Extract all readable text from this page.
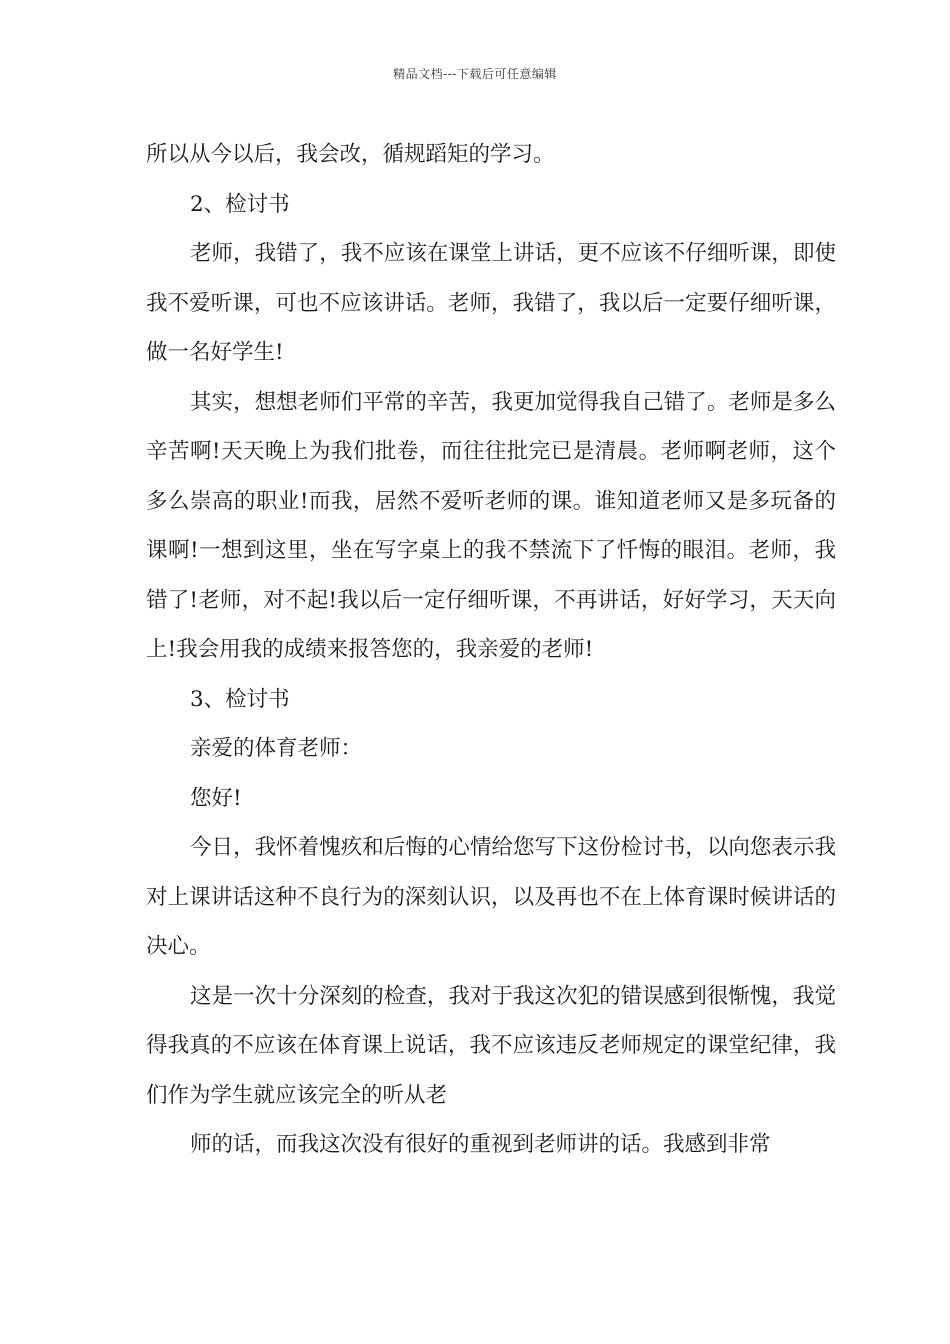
精品文档---下载后可任意编辑

所以从今以后，我会改，循规蹈矩的学习。

2、检讨书

老师，我错了，我不应该在课堂上讲话，更不应该不仔细听课，即使我不爱听课，可也不应该讲话。老师，我错了，我以后一定要仔细听课，做一名好学生!

其实，想想老师们平常的辛苦，我更加觉得我自己错了。老师是多么辛苦啊!天天晚上为我们批卷，而往往批完已是清晨。老师啊老师，这个多么崇高的职业!而我，居然不爱听老师的课。谁知道老师又是多玩备的课啊!一想到这里，坐在写字桌上的我不禁流下了忏悔的眼泪。老师，我错了!老师，对不起!我以后一定仔细听课，不再讲话，好好学习，天天向上!我会用我的成绩来报答您的，我亲爱的老师!

3、检讨书

亲爱的体育老师：

您好!

今日，我怀着愧疚和后悔的心情给您写下这份检讨书，以向您表示我对上课讲话这种不良行为的深刻认识，以及再也不在上体育课时候讲话的决心。

这是一次十分深刻的检查，我对于我这次犯的错误感到很惭愧，我觉得我真的不应该在体育课上说话，我不应该违反老师规定的课堂纪律，我们作为学生就应该完全的听从老

师的话，而我这次没有很好的重视到老师讲的话。我感到非常
